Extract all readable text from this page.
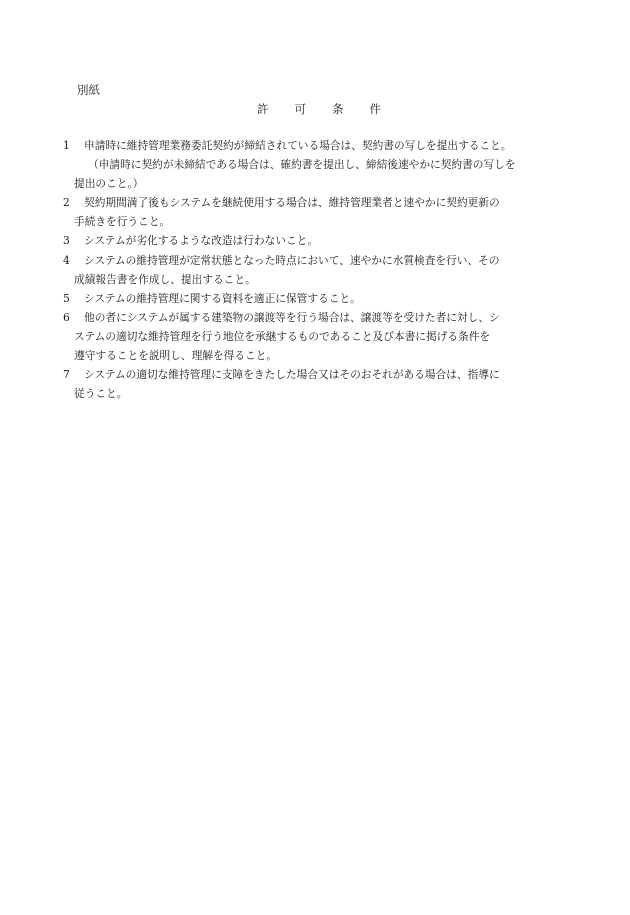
別紙
許 可 条 件
1	申請時に維持管理業務委託契約が締結されている場合は、契約書の写しを提出すること。
（申請時に契約が未締結である場合は、確約書を提出し、締結後速やかに契約書の写しを
提出のこと。）
2	契約期間満了後もシステムを継続使用する場合は、維持管理業者と速やかに契約更新の
手続きを行うこと。
3	システムが劣化するような改造は行わないこと。
4	システムの維持管理が定常状態となった時点において、速やかに水質検査を行い、その
成績報告書を作成し、提出すること。
5	システムの維持管理に関する資料を適正に保管すること。
6	他の者にシステムが属する建築物の譲渡等を行う場合は、譲渡等を受けた者に対し、シ
ステムの適切な維持管理を行う地位を承継するものであること及び本書に掲げる条件を
遵守することを説明し、理解を得ること。
7	システムの適切な維持管理に支障をきたした場合又はそのおそれがある場合は、指導に
従うこと。
